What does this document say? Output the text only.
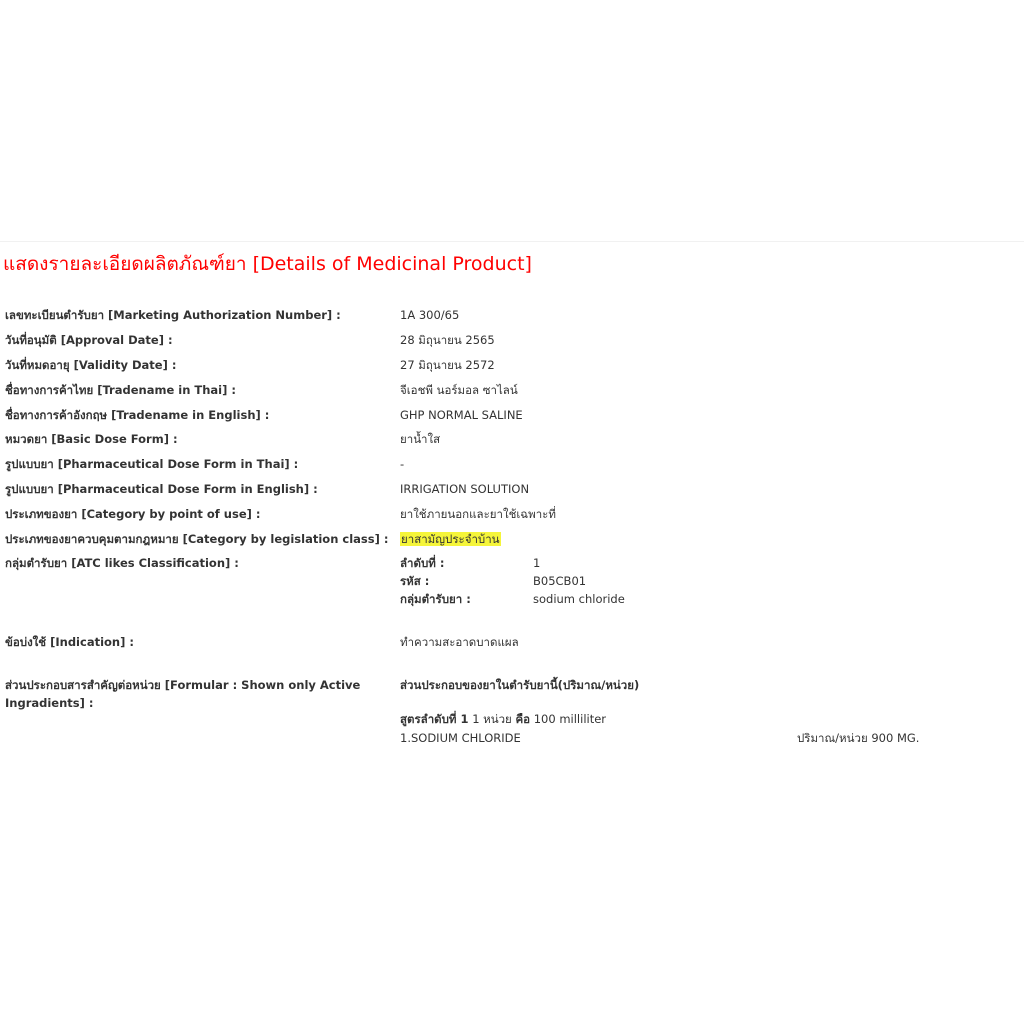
แสดงรายละเอียดผลิตภัณฑ์ยา [Details of Medicinal Product]
เลขทะเบียนตำรับยา [Marketing Authorization Number] :	1A 300/65
วันที่อนุมัติ [Approval Date] :	28 มิถุนายน 2565
วันที่หมดอายุ [Validity Date] :	27 มิถุนายน 2572
ชื่อทางการค้าไทย [Tradename in Thai] :	จีเอชพี นอร์มอล ซาไลน์
ชื่อทางการค้าอังกฤษ [Tradename in English] :	GHP NORMAL SALINE
หมวดยา [Basic Dose Form] :	ยาน้ำใส
รูปแบบยา [Pharmaceutical Dose Form in Thai] :	-
รูปแบบยา [Pharmaceutical Dose Form in English] :	IRRIGATION SOLUTION
ประเภทของยา [Category by point of use] :	ยาใช้ภายนอกและยาใช้เฉพาะที่
ประเภทของยาควบคุมตามกฎหมาย [Category by legislation class] : ยาสามัญประจำบ้าน
กลุ่มตำรับยา [ATC likes Classification] :	ลำดับที่ :	1
รหัส :	B05CB01
กลุ่มตำรับยา :	sodium chloride
ข้อบ่งใช้ [Indication] :	ทำความสะอาดบาดแผล
ส่วนประกอบสารสำคัญต่อหน่วย [Formular : Shown only Active Ingradients] :
ส่วนประกอบของยาในตำรับยานี้(ปริมาณ/หน่วย)
สูตรลำดับที่ 1 1 หน่วย คือ 100 milliliter
1.SODIUM CHLORIDE	ปริมาณ/หน่วย 900 MG.
